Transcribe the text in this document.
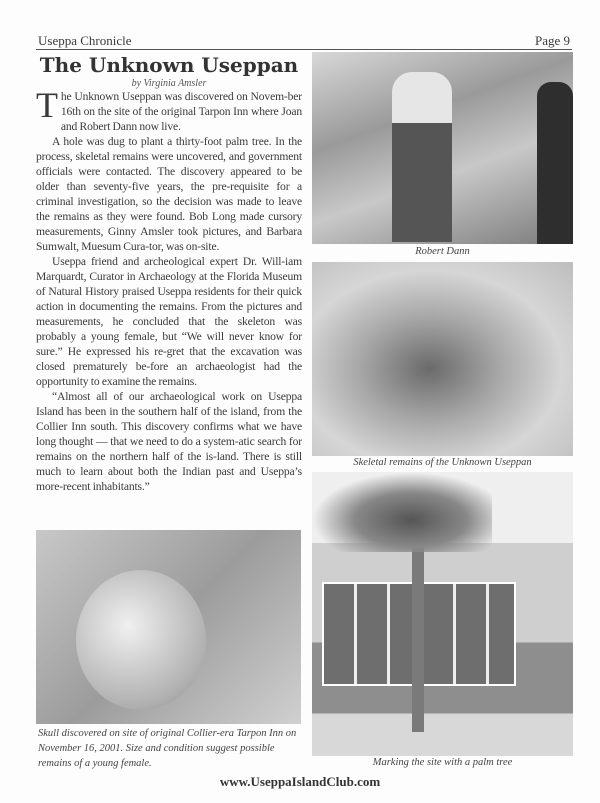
Useppa Chronicle	Page 9
The Unknown Useppan
by Virginia Amsler

The Unknown Useppan was discovered on Novem-ber 16th on the site of the original Tarpon Inn where Joan and Robert Dann now live.

A hole was dug to plant a thirty-foot palm tree. In the process, skeletal remains were uncovered, and government officials were contacted. The discovery appeared to be older than seventy-five years, the pre-requisite for a criminal investigation, so the decision was made to leave the remains as they were found. Bob Long made cursory measurements, Ginny Amsler took pictures, and Barbara Sumwalt, Muesum Cura-tor, was on-site.

Useppa friend and archeological expert Dr. Will-iam Marquardt, Curator in Archaeology at the Florida Museum of Natural History praised Useppa residents for their quick action in documenting the remains. From the pictures and measurements, he concluded that the skeleton was probably a young female, but “We will never know for sure.” He expressed his re-gret that the excavation was closed prematurely be-fore an archaeologist had the opportunity to examine the remains.

“Almost all of our archaeological work on Useppa Island has been in the southern half of the island, from the Collier Inn south. This discovery confirms what we have long thought — that we need to do a system-atic search for remains on the northern half of the is-land. There is still much to learn about both the Indian past and Useppa’s more-recent inhabitants.”

Robert Dann
Skeletal remains of the Unknown Useppan
Skull discovered on site of original Collier-era Tarpon Inn on November 16, 2001. Size and condition suggest possible remains of a young female.	Marking the site with a palm tree
www.UseppaIslandClub.com
